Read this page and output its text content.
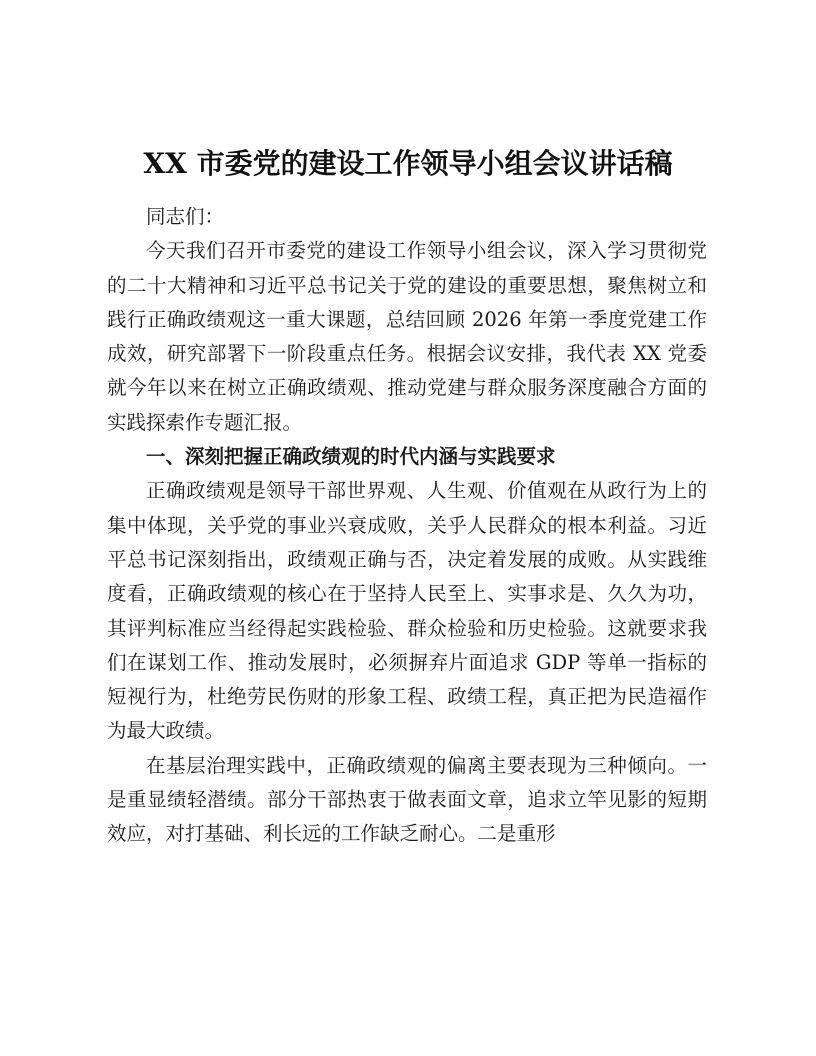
XX 市委党的建设工作领导小组会议讲话稿

同志们：

今天我们召开市委党的建设工作领导小组会议，深入学习贯彻党的二十大精神和习近平总书记关于党的建设的重要思想，聚焦树立和践行正确政绩观这一重大课题，总结回顾 2026 年第一季度党建工作成效，研究部署下一阶段重点任务。根据会议安排，我代表 XX 党委就今年以来在树立正确政绩观、推动党建与群众服务深度融合方面的实践探索作专题汇报。

一、深刻把握正确政绩观的时代内涵与实践要求

正确政绩观是领导干部世界观、人生观、价值观在从政行为上的集中体现，关乎党的事业兴衰成败，关乎人民群众的根本利益。习近平总书记深刻指出，政绩观正确与否，决定着发展的成败。从实践维度看，正确政绩观的核心在于坚持人民至上、实事求是、久久为功，其评判标准应当经得起实践检验、群众检验和历史检验。这就要求我们在谋划工作、推动发展时，必须摒弃片面追求 GDP 等单一指标的短视行为，杜绝劳民伤财的形象工程、政绩工程，真正把为民造福作为最大政绩。

在基层治理实践中，正确政绩观的偏离主要表现为三种倾向。一是重显绩轻潜绩。部分干部热衷于做表面文章，追求立竿见影的短期效应，对打基础、利长远的工作缺乏耐心。二是重形
